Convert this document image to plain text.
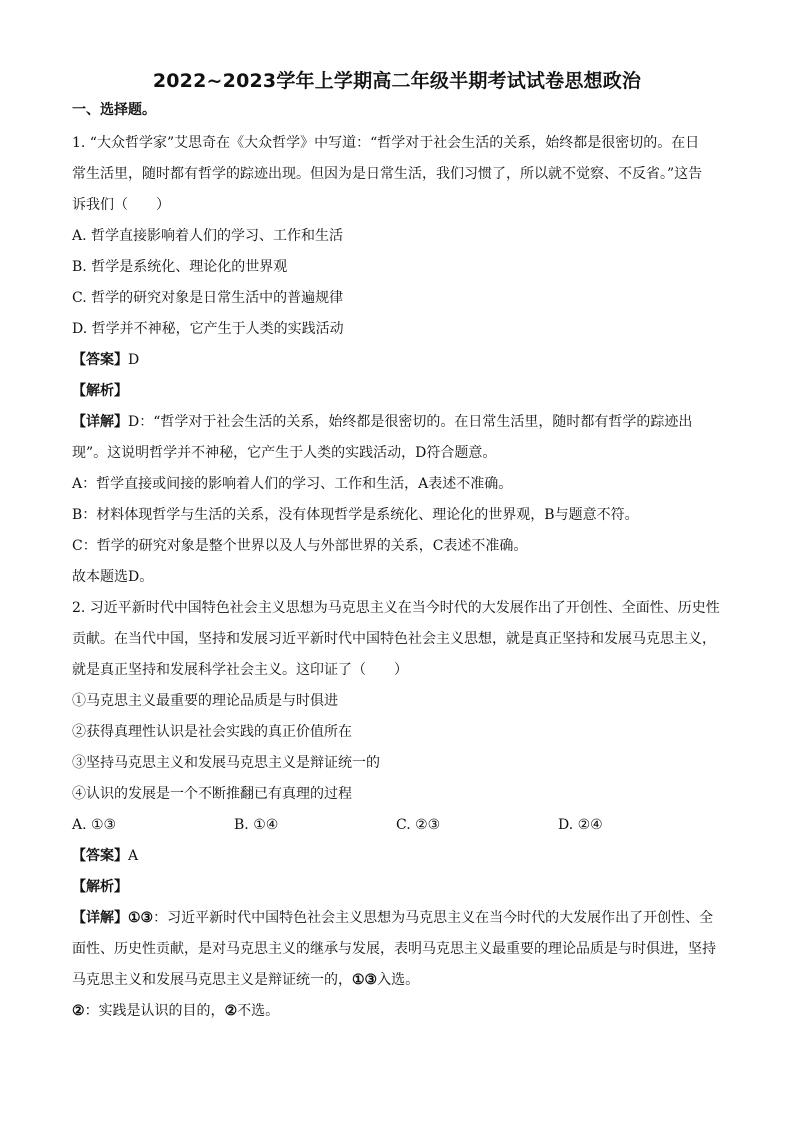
2022~2023学年上学期高二年级半期考试试卷思想政治
一、选择题。

1. “大众哲学家”艾思奇在《大众哲学》中写道：“哲学对于社会生活的关系，始终都是很密切的。在日

常生活里，随时都有哲学的踪迹出现。但因为是日常生活，我们习惯了，所以就不觉察、不反省。”这告

诉我们（　　）

A. 哲学直接影响着人们的学习、工作和生活

B. 哲学是系统化、理论化的世界观

C. 哲学的研究对象是日常生活中的普遍规律

D. 哲学并不神秘，它产生于人类的实践活动

【答案】D

【解析】

【详解】D：“哲学对于社会生活的关系，始终都是很密切的。在日常生活里，随时都有哲学的踪迹出

现”。这说明哲学并不神秘，它产生于人类的实践活动，D符合题意。

A：哲学直接或间接的影响着人们的学习、工作和生活，A表述不准确。

B：材料体现哲学与生活的关系，没有体现哲学是系统化、理论化的世界观，B与题意不符。

C：哲学的研究对象是整个世界以及人与外部世界的关系，C表述不准确。

故本题选D。

2. 习近平新时代中国特色社会主义思想为马克思主义在当今时代的大发展作出了开创性、全面性、历史性

贡献。在当代中国，坚持和发展习近平新时代中国特色社会主义思想，就是真正坚持和发展马克思主义，

就是真正坚持和发展科学社会主义。这印证了（　　）

①马克思主义最重要的理论品质是与时俱进

②获得真理性认识是社会实践的真正价值所在

③坚持马克思主义和发展马克思主义是辩证统一的

④认识的发展是一个不断推翻已有真理的过程

A. ①③	B. ①④	C. ②③	D. ②④

【答案】A

【解析】

【详解】①③：习近平新时代中国特色社会主义思想为马克思主义在当今时代的大发展作出了开创性、全

面性、历史性贡献，是对马克思主义的继承与发展，表明马克思主义最重要的理论品质是与时俱进，坚持

马克思主义和发展马克思主义是辩证统一的，①③入选。

②：实践是认识的目的，②不选。
